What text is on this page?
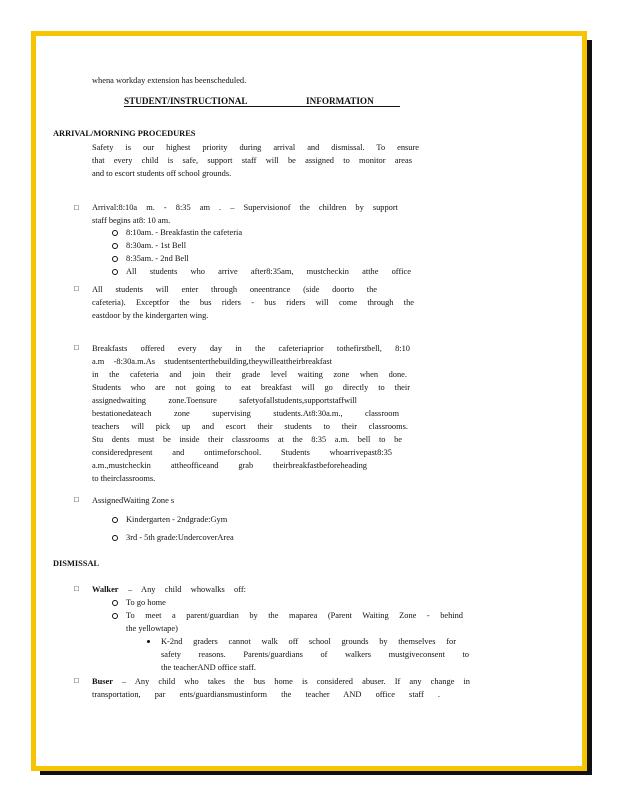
whena workday extension has beenscheduled.
STUDENT/INSTRUCTIONAL	INFORMATION
ARRIVAL/MORNING PROCEDURES
Safety is our highest priority during arrival and dismissal. To ensure
that every child is safe, support staff will be assigned to monitor areas
and to escort students off school grounds.
□ Arrival:8:10a m. - 8:35 am . – Supervisionof the children by support
staff begins at8: 10 am.
8:10am. - Breakfastin the cafeteria
8:30am. - 1st Bell
8:35am. - 2nd Bell
All students who arrive after8:35am, mustcheckin atthe office
□ All students will enter through oneentrance (side doorto the
cafeteria). Exceptfor the bus riders - bus riders will come through the
eastdoor by the kindergarten wing.
□ Breakfasts offered every day in the cafeteriaprior tothefirstbell, 8:10
a.m -8:30a.m.As studentsenterthebuilding,theywilleattheirbreakfast
in the cafeteria and join their grade level waiting zone when done.
Students who are not going to eat breakfast will go directly to their
assignedwaiting zone.Toensure safetyofallstudents,supportstaffwill
bestationedateach zone supervising students.At8:30a.m., classroom
teachers will pick up and escort their students to their classrooms.
Stu dents must be inside their classrooms at the 8:35 a.m. bell to be
consideredpresent and ontimeforschool. Students whoarrivepast8:35
a.m.,mustcheckin attheofficeand grab theirbreakfastbeforeheading
to theirclassrooms.
□ AssignedWaiting Zone s
Kindergarten - 2ndgrade:Gym
3rd - 5th grade:UndercoverArea
DISMISSAL
□ Walker – Any child whowalks off:
To go home
To meet a parent/guardian by the maparea (Parent Waiting Zone - behind
the yellowtape)
K-2nd graders cannot walk off school grounds by themselves for
safety reasons. Parents/guardians of walkers mustgiveconsent to
the teacherAND office staff.
□ Buser – Any child who takes the bus home is considered abuser. If any change in
transportation, par ents/guardiansmustinform the teacher AND office staff .
